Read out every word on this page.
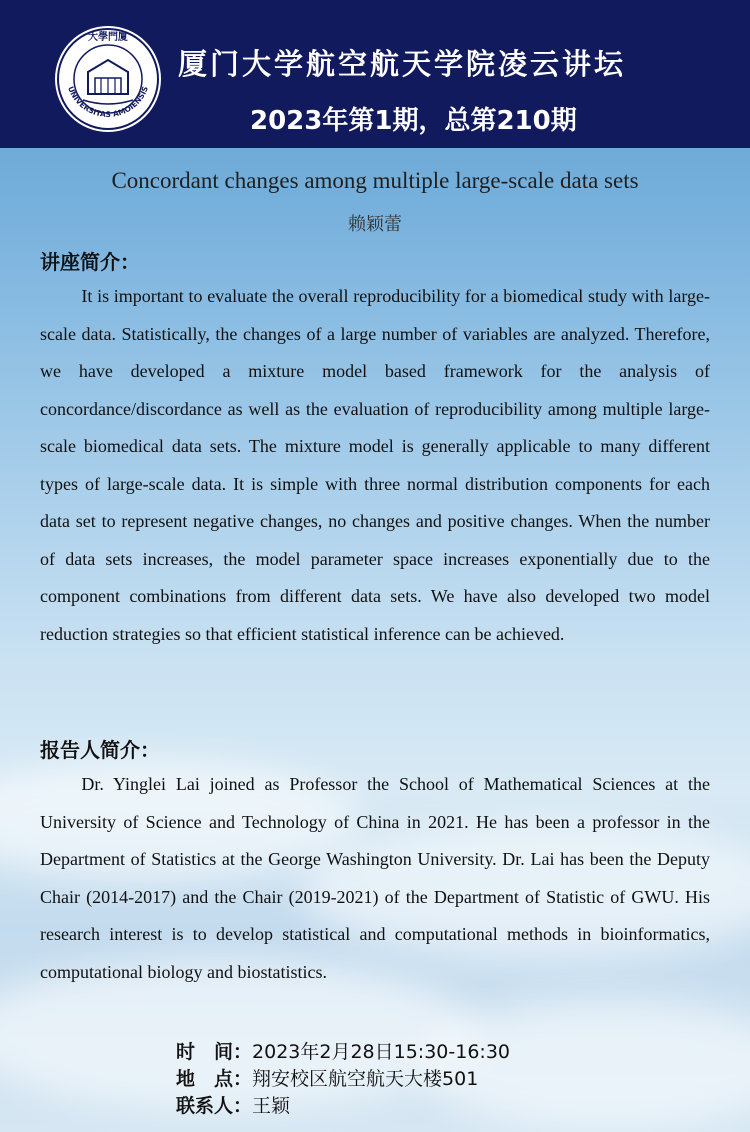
大學門廈
UNIVERSITAS AMOIENSIS
厦门大学航空航天学院凌云讲坛
2023年第1期，总第210期
Concordant changes among multiple large-scale data sets
赖颖蕾
讲座简介：

It is important to evaluate the overall reproducibility for a biomedical study with large-scale data. Statistically, the changes of a large number of variables are analyzed. Therefore, we have developed a mixture model based framework for the analysis of concordance/discordance as well as the evaluation of reproducibility among multiple large-scale biomedical data sets. The mixture model is generally applicable to many different types of large-scale data. It is simple with three normal distribution components for each data set to represent negative changes, no changes and positive changes. When the number of data sets increases, the model parameter space increases exponentially due to the component combinations from different data sets. We have also developed two model reduction strategies so that efficient statistical inference can be achieved.

报告人简介：

Dr. Yinglei Lai joined as Professor the School of Mathematical Sciences at the University of Science and Technology of China in 2021. He has been a professor in the Department of Statistics at the George Washington University. Dr. Lai has been the Deputy Chair (2014-2017) and the Chair (2019-2021) of the Department of Statistic of GWU. His research interest is to develop statistical and computational methods in bioinformatics, computational biology and biostatistics.

时　间：2023年2月28日15:30-16:30
地　点：翔安校区航空航天大楼501
联系人：王颖
